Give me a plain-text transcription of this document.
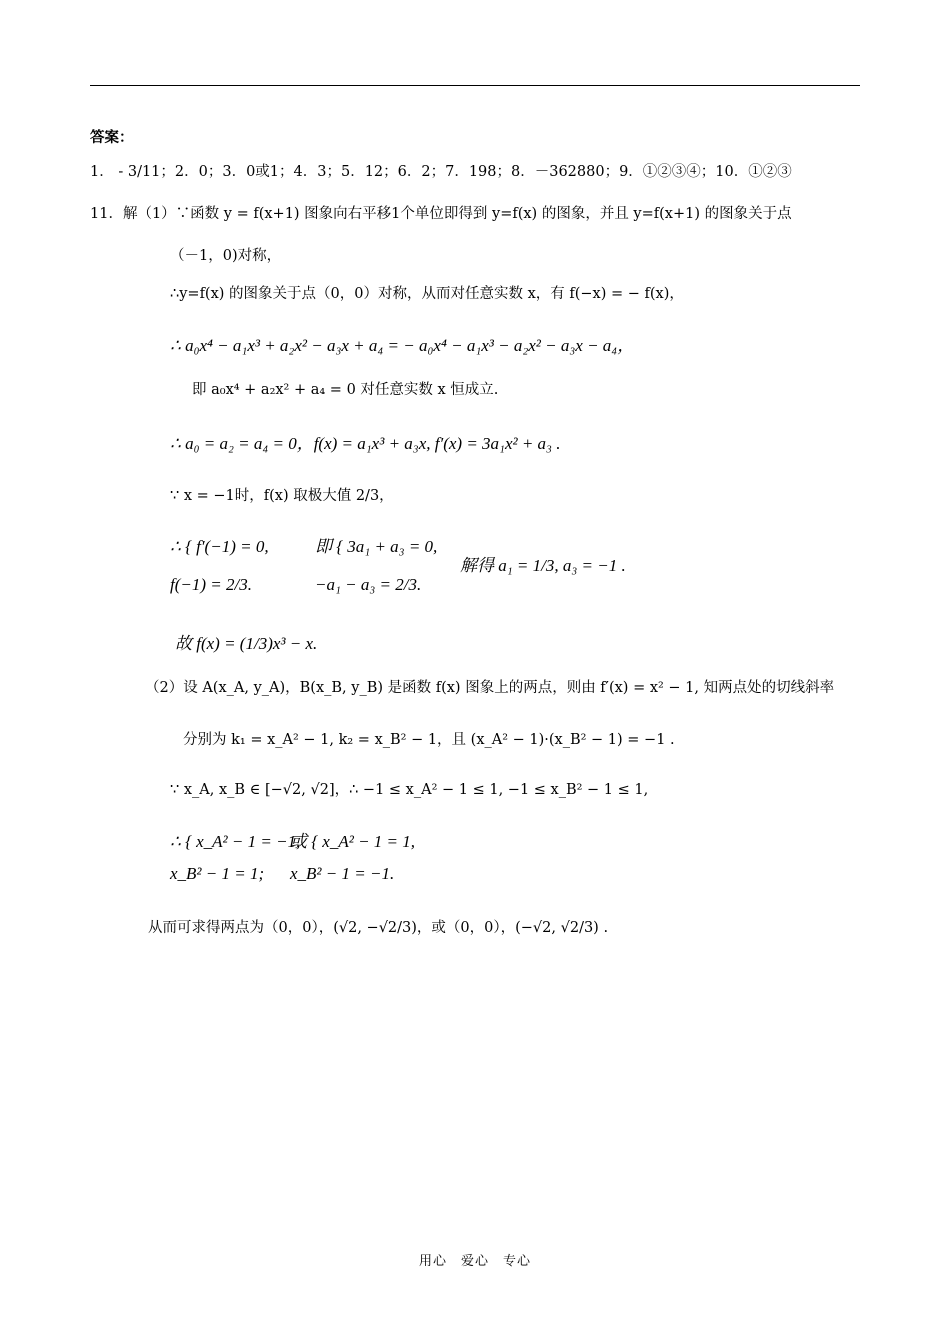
答案：
1． - 3/11；2．0；3．0或1；4．3；5．12；6．2；7．198；8．－362880；9．①②③④；10．①②③
11．解（1）∵函数 y = f(x+1) 图象向右平移1个单位即得到 y=f(x) 的图象，并且 y=f(x+1) 的图象关于点
（－1，0)对称，
∴y=f(x) 的图象关于点（0，0）对称，从而对任意实数 x，有 f(−x) = − f(x)，
∴ a₀x⁴ − a₁x³ + a₂x² − a₃x + a₄ = − a₀x⁴ − a₁x³ − a₂x² − a₃x − a₄，
即 a₀x⁴ + a₂x² + a₄ = 0 对任意实数 x 恒成立.
∴ a₀ = a₂ = a₄ = 0，f(x) = a₁x³ + a₃x, f′(x) = 3a₁x² + a₃ .
∵ x = −1时，f(x) 取极大值 2/3，
∴ { f′(−1) = 0,
f(−1) = 2/3.
即 { 3a₁ + a₃ = 0,
−a₁ − a₃ = 2/3.
解得 a₁ = 1/3, a₃ = −1 .
故 f(x) = (1/3)x³ − x.
（2）设 A(x_A, y_A)，B(x_B, y_B) 是函数 f(x) 图象上的两点，则由 f′(x) = x² − 1, 知两点处的切线斜率
分别为 k₁ = x_A² − 1, k₂ = x_B² − 1，且 (x_A² − 1)·(x_B² − 1) = −1 .
∵ x_A, x_B ∈ [−√2, √2]，∴ −1 ≤ x_A² − 1 ≤ 1, −1 ≤ x_B² − 1 ≤ 1,
∴ { x_A² − 1 = −1,
x_B² − 1 = 1;
或 { x_A² − 1 = 1,
x_B² − 1 = −1.
从而可求得两点为（0，0），(√2, −√2/3)，或（0，0），(−√2, √2/3) .
用心　爱心　专心
